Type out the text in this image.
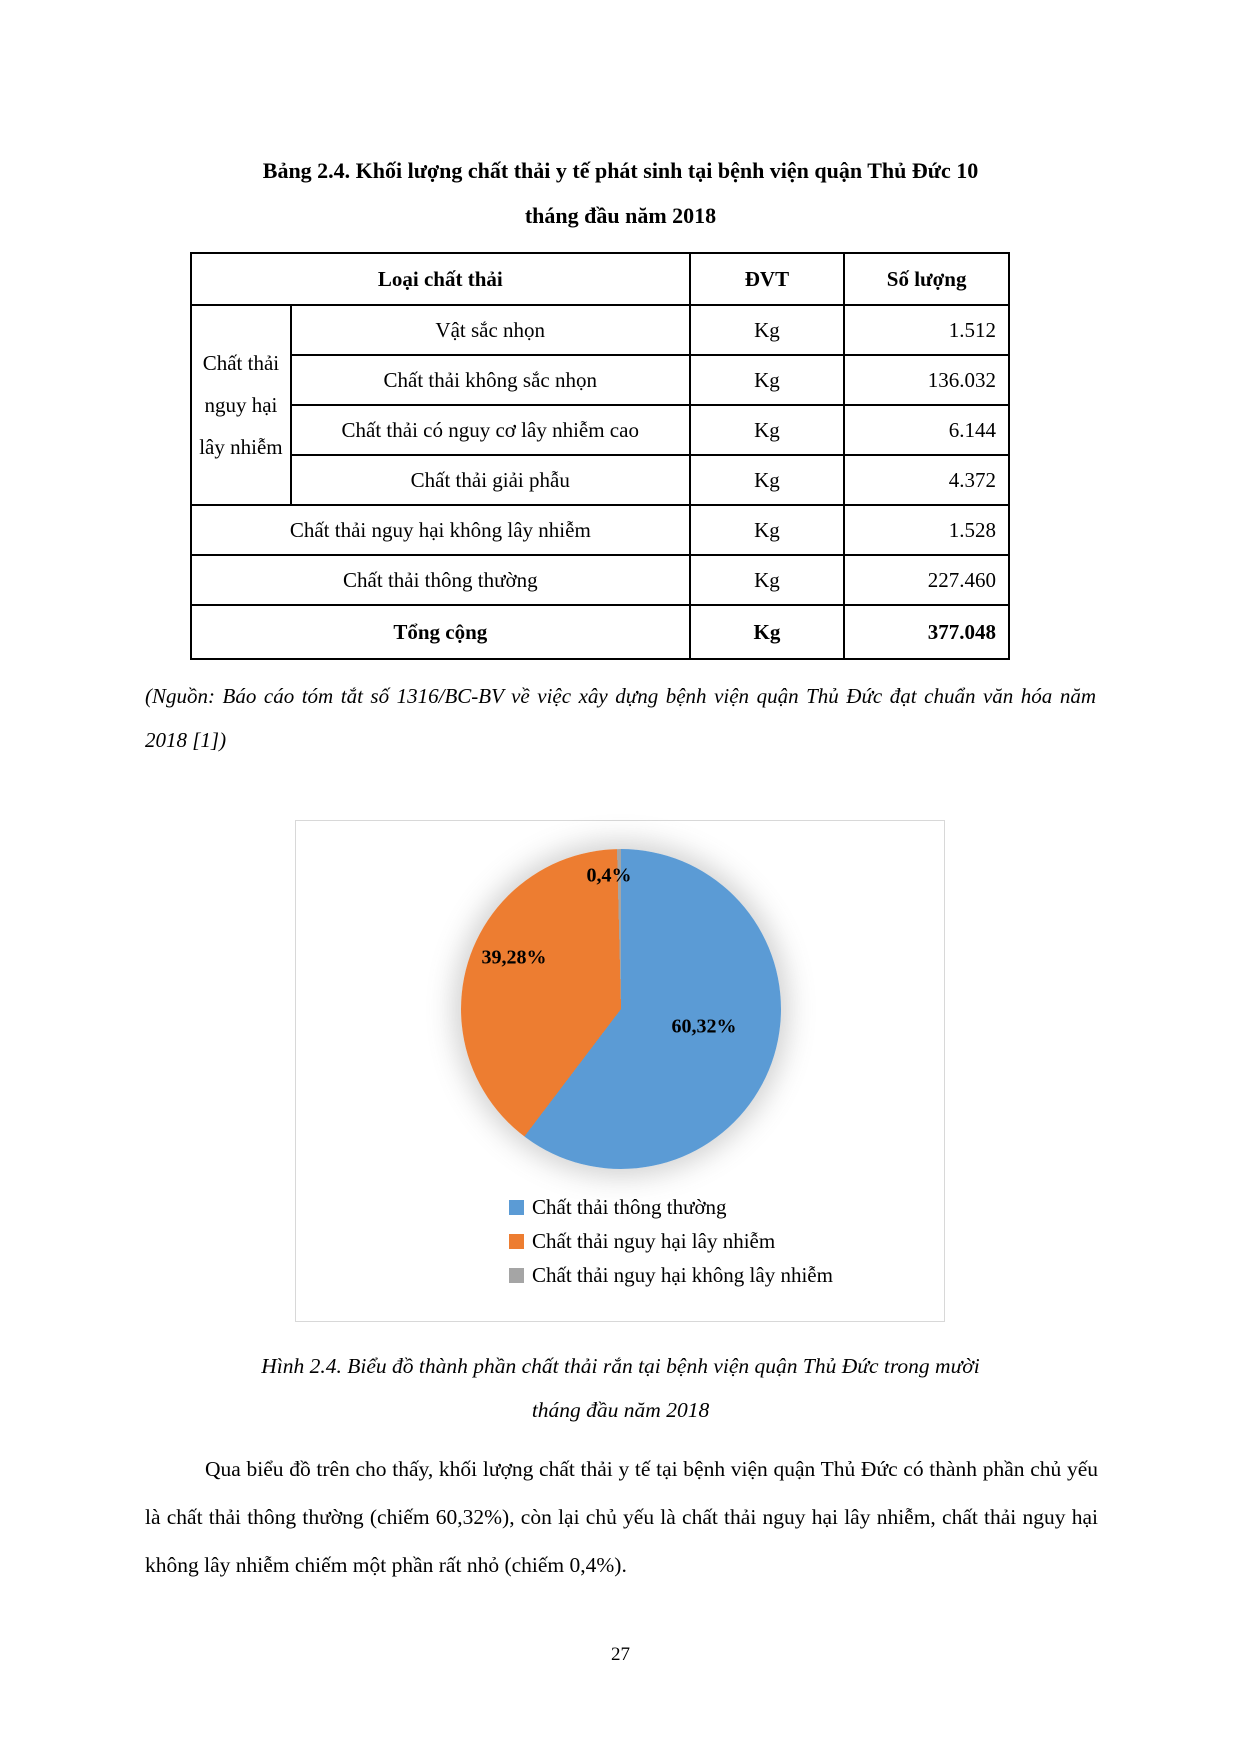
Bảng 2.4. Khối lượng chất thải y tế phát sinh tại bệnh viện quận Thủ Đức 10
tháng đầu năm 2018
Loại chất thải		ĐVT	Số lượng
Chất thải nguy hại lây nhiễm	Vật sắc nhọn	Kg	1.512
	Chất thải không sắc nhọn	Kg	136.032
	Chất thải có nguy cơ lây nhiễm cao	Kg	6.144
	Chất thải giải phẫu	Kg	4.372
Chất thải nguy hại không lây nhiễm		Kg	1.528
Chất thải thông thường		Kg	227.460
Tổng cộng		Kg	377.048
(Nguồn: Báo cáo tóm tắt số 1316/BC-BV về việc xây dựng bệnh viện quận Thủ Đức đạt chuẩn văn hóa năm 2018 [1])
0,4%
39,28%
60,32%
Chất thải thông thường
Chất thải nguy hại lây nhiễm
Chất thải nguy hại không lây nhiễm
Hình 2.4. Biểu đồ thành phần chất thải rắn tại bệnh viện quận Thủ Đức trong mười
tháng đầu năm 2018
Qua biểu đồ trên cho thấy, khối lượng chất thải y tế tại bệnh viện quận Thủ Đức có thành phần chủ yếu là chất thải thông thường (chiếm 60,32%), còn lại chủ yếu là chất thải nguy hại lây nhiễm, chất thải nguy hại không lây nhiễm chiếm một phần rất nhỏ (chiếm 0,4%).
27
